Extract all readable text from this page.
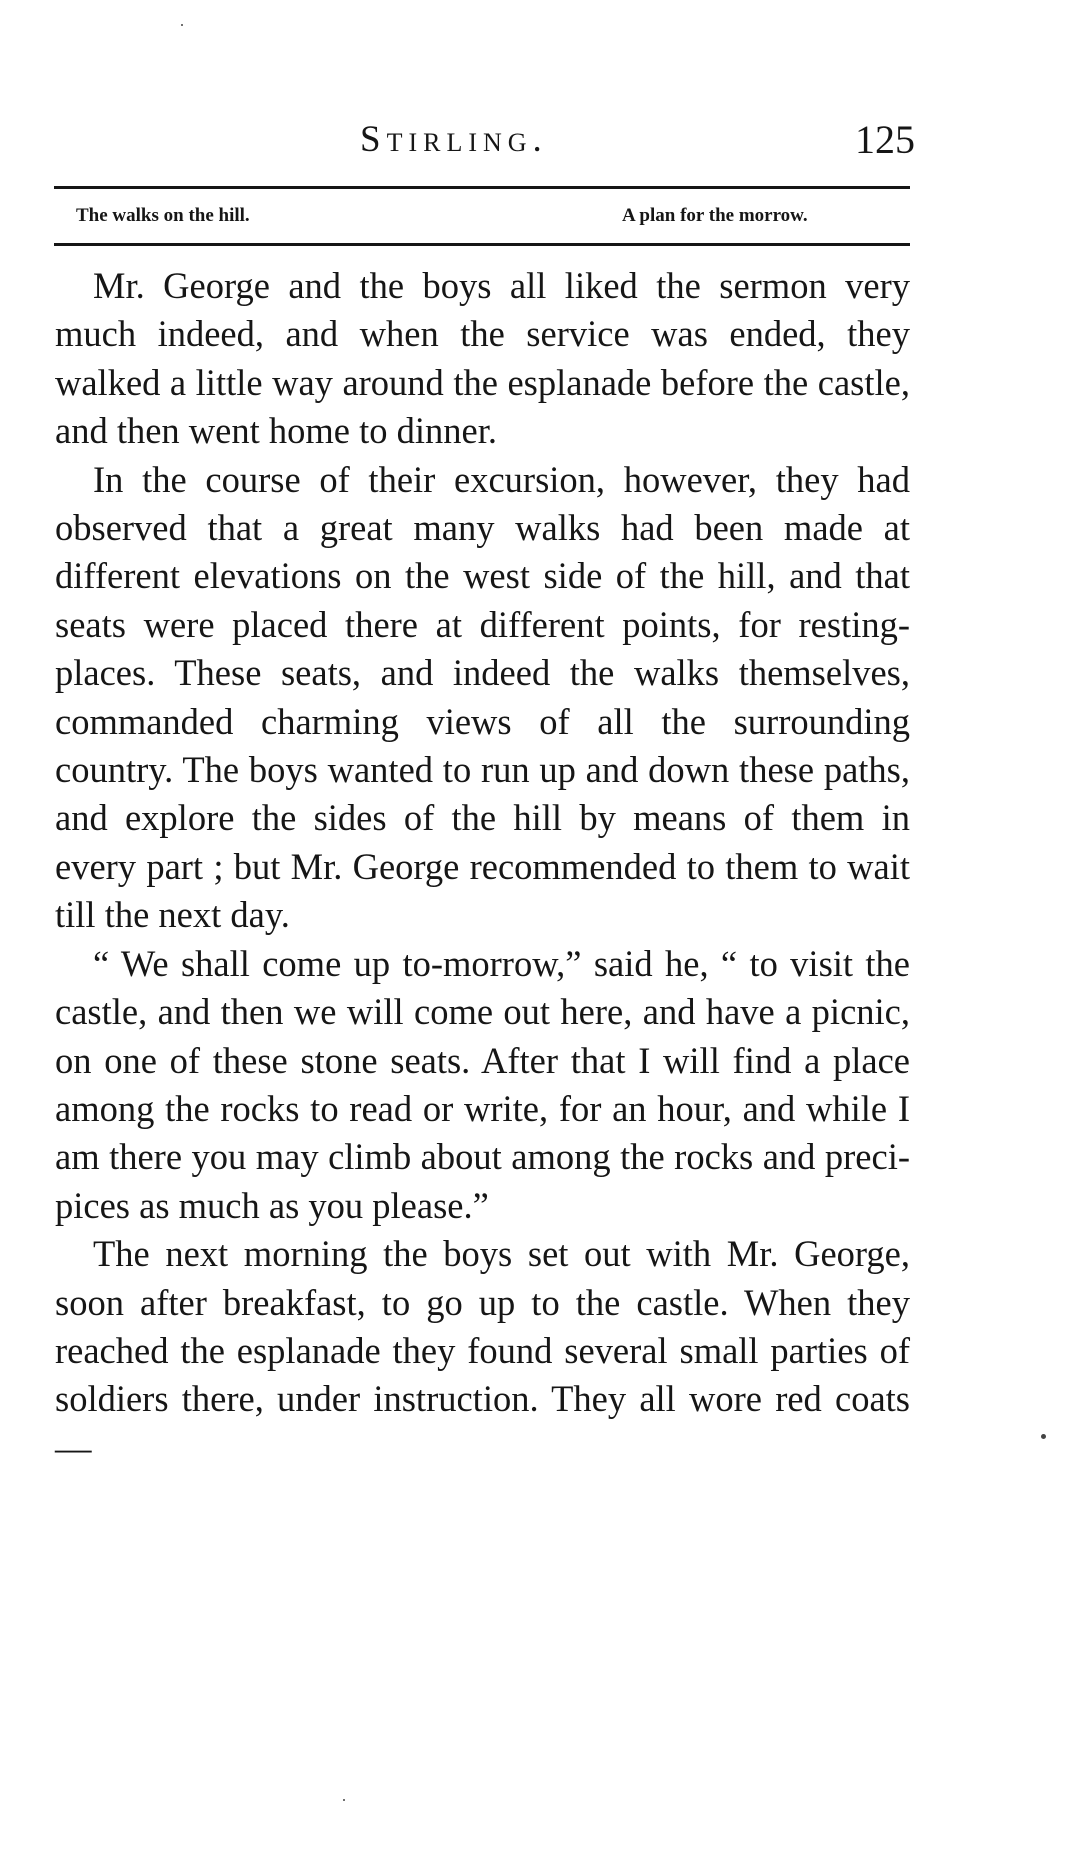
Stirling.	125
The walks on the hill.	A plan for the morrow.

Mr. George and the boys all liked the sermon very much indeed, and when the service was ended, they walked a little way around the esplanade before the castle, and then went home to dinner.

In the course of their excursion, however, they had observed that a great many walks had been made at different elevations on the west side of the hill, and that seats were placed there at different points, for resting-places. These seats, and indeed the walks themselves, commanded charming views of all the surrounding country. The boys wanted to run up and down these paths, and explore the sides of the hill by means of them in every part ; but Mr. George recommended to them to wait till the next day.

“ We shall come up to-morrow,” said he, “ to visit the castle, and then we will come out here, and have a picnic, on one of these stone seats. After that I will find a place among the rocks to read or write, for an hour, and while I am there you may climb about among the rocks and precipices as much as you please.”

The next morning the boys set out with Mr. George, soon after breakfast, to go up to the castle. When they reached the esplanade they found several small parties of soldiers there, under instruction. They all wore red coats —
